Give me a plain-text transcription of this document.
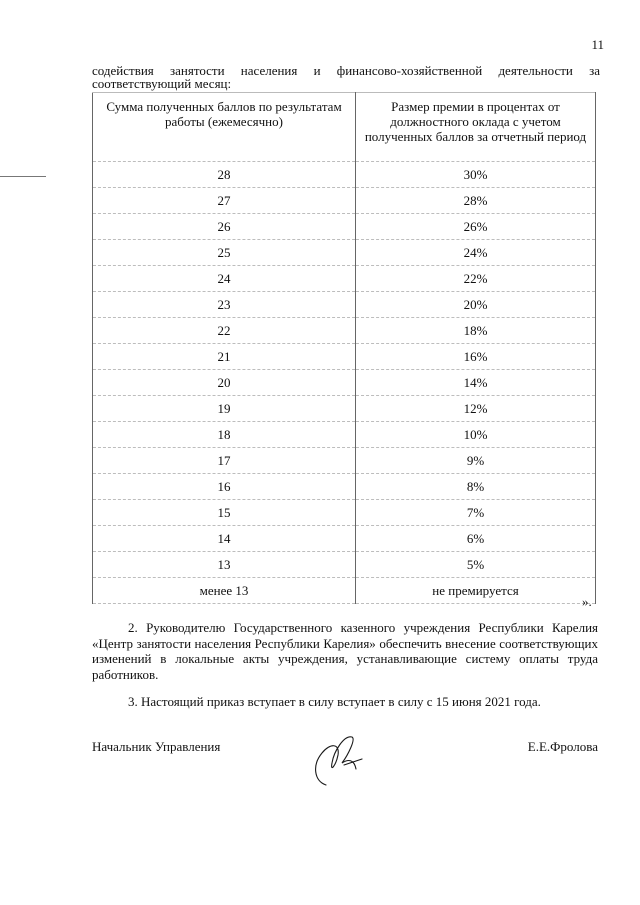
11
содействия занятости населения и финансово-хозяйственной деятельности за соответствующий месяц:
Сумма полученных баллов по результатам работы (ежемесячно)	Размер премии в процентах от должностного оклада с учетом полученных баллов за отчетный период
28	30%
27	28%
26	26%
25	24%
24	22%
23	20%
22	18%
21	16%
20	14%
19	12%
18	10%
17	9%
16	8%
15	7%
14	6%
13	5%
менее 13	не премируется
».
2. Руководителю Государственного казенного учреждения Республики Карелия «Центр занятости населения Республики Карелия» обеспечить внесение соответствующих изменений в локальные акты учреждения, устанавливающие систему оплаты труда работников.
3. Настоящий приказ вступает в силу вступает в силу с 15 июня 2021 года.
Начальник Управления	Е.Е.Фролова
